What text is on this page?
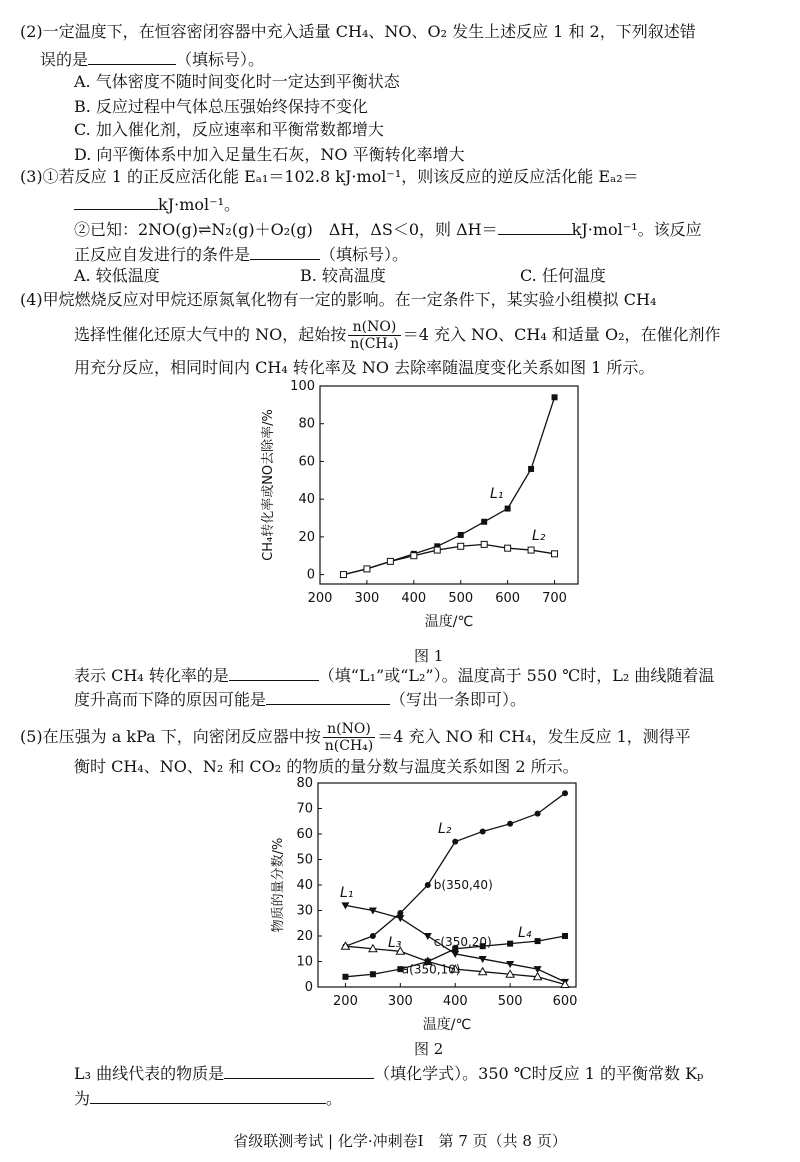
(2)一定温度下，在恒容密闭容器中充入适量 CH₄、NO、O₂ 发生上述反应 1 和 2，下列叙述错
误的是	（填标号）。
A. 气体密度不随时间变化时一定达到平衡状态
B. 反应过程中气体总压强始终保持不变化
C. 加入催化剂，反应速率和平衡常数都增大
D. 向平衡体系中加入足量生石灰，NO 平衡转化率增大
(3)①若反应 1 的正反应活化能 Eₐ₁＝102.8 kJ·mol⁻¹，则该反应的逆反应活化能 Eₐ₂＝
kJ·mol⁻¹。
②已知：2NO(g)⇌N₂(g)＋O₂(g)　ΔH，ΔS＜0，则 ΔH＝	kJ·mol⁻¹。该反应
正反应自发进行的条件是	（填标号）。
A. 较低温度	B. 较高温度	C. 任何温度
(4)甲烷燃烧反应对甲烷还原氮氧化物有一定的影响。在一定条件下，某实验小组模拟 CH₄
选择性催化还原大气中的 NO，起始按 $\frac{n(NO)}{\text{n(CH₄)}} =4$ 充入 NO、CH₄ 和适量 O₂，在催化剂作
用充分反应，相同时间内 CH₄ 转化率及 NO 去除率随温度变化关系如图 1 所示。
200 300 400 500 600 700
0
20
40
60
80
100
L₁
L₂
温度/℃
CH₄转化率或NO去除率/%
图 1
表示 CH₄ 转化率的是	（填“L₁”或“L₂”）。温度高于 550 ℃时，L₂ 曲线随着温
度升高而下降的原因可能是	（写出一条即可）。
(5)在压强为 a kPa 下，向密闭反应器中按 $\frac{n(NO)}{\text{n(CH₄)}} =4$ 充入 NO 和 CH₄，发生反应 1，测得平
衡时 CH₄、NO、N₂ 和 CO₂ 的物质的量分数与温度关系如图 2 所示。
200 300 400 500 600
0
10
20
30
40
50
60
70
80
L₁
L₂
L₃
L₄
温度/℃
物质的量分数/%
a(350,10)
b(350,40)
c(350,20)
图 2
L₃ 曲线代表的物质是	（填化学式）。350 ℃时反应 1 的平衡常数 Kₚ
为	。
省级联测考试 | 化学·冲刺卷Ⅰ　第 7 页（共 8 页）
